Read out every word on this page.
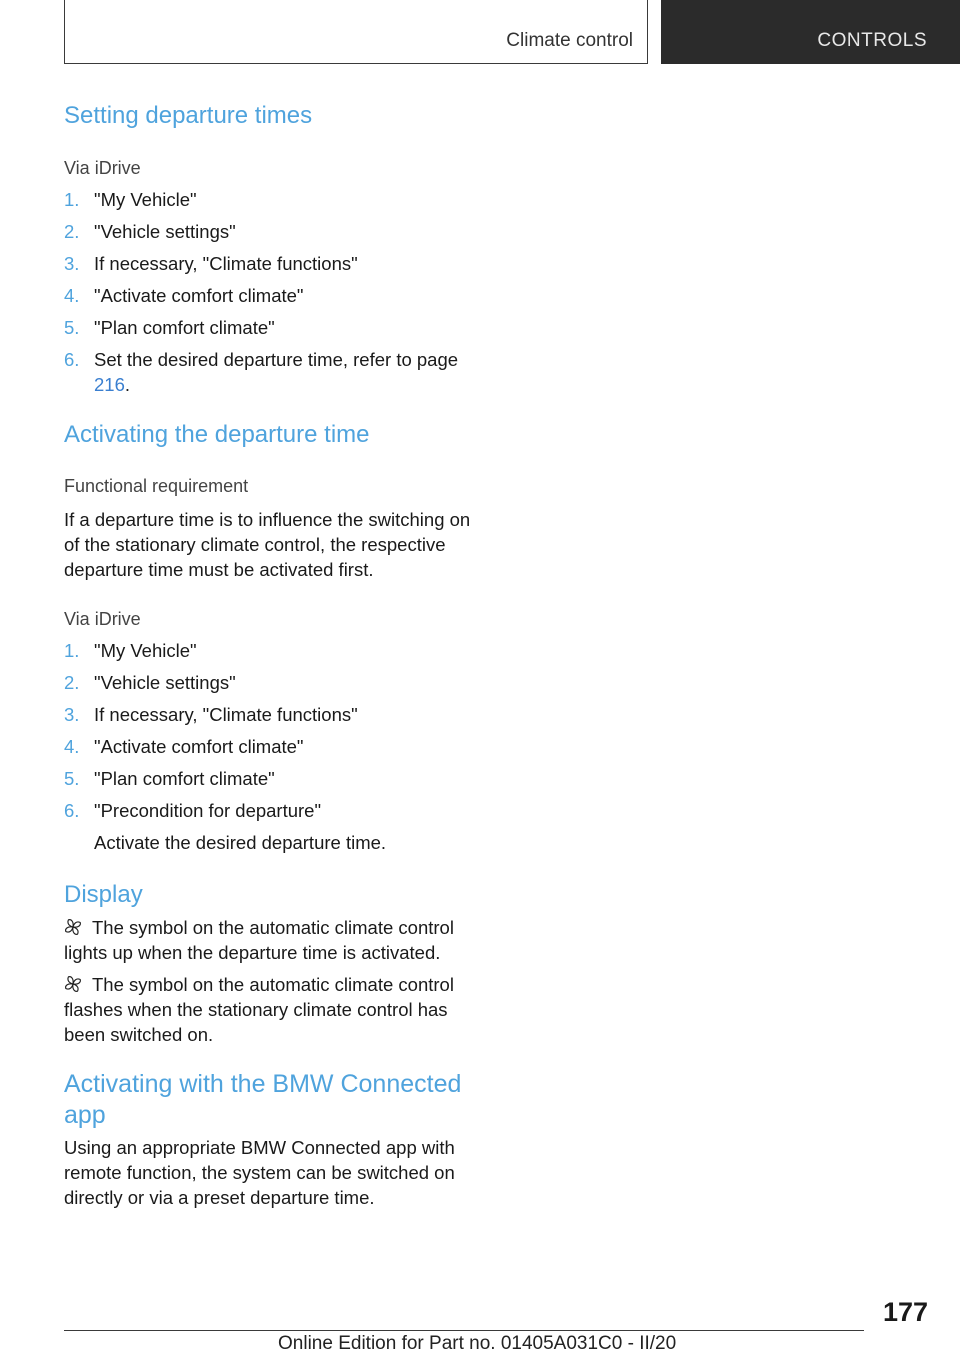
Climate control	CONTROLS
Setting departure times

Via iDrive

1. "My Vehicle"
2. "Vehicle settings"
3. If necessary, "Climate functions"
4. "Activate comfort climate"
5. "Plan comfort climate"
6. Set the desired departure time, refer to page 216.
Activating the departure time

Functional requirement

If a departure time is to influence the switching on of the stationary climate control, the respective departure time must be activated first.

Via iDrive

1. "My Vehicle"
2. "Vehicle settings"
3. If necessary, "Climate functions"
4. "Activate comfort climate"
5. "Plan comfort climate"
6. "Precondition for departure"

Activate the desired departure time.

Display

The symbol on the automatic climate control lights up when the departure time is activated.

The symbol on the automatic climate control flashes when the stationary climate control has been switched on.

Activating with the BMW Connected app

Using an appropriate BMW Connected app with remote function, the system can be switched on directly or via a preset departure time.

177
Online Edition for Part no. 01405A031C0 - II/20
